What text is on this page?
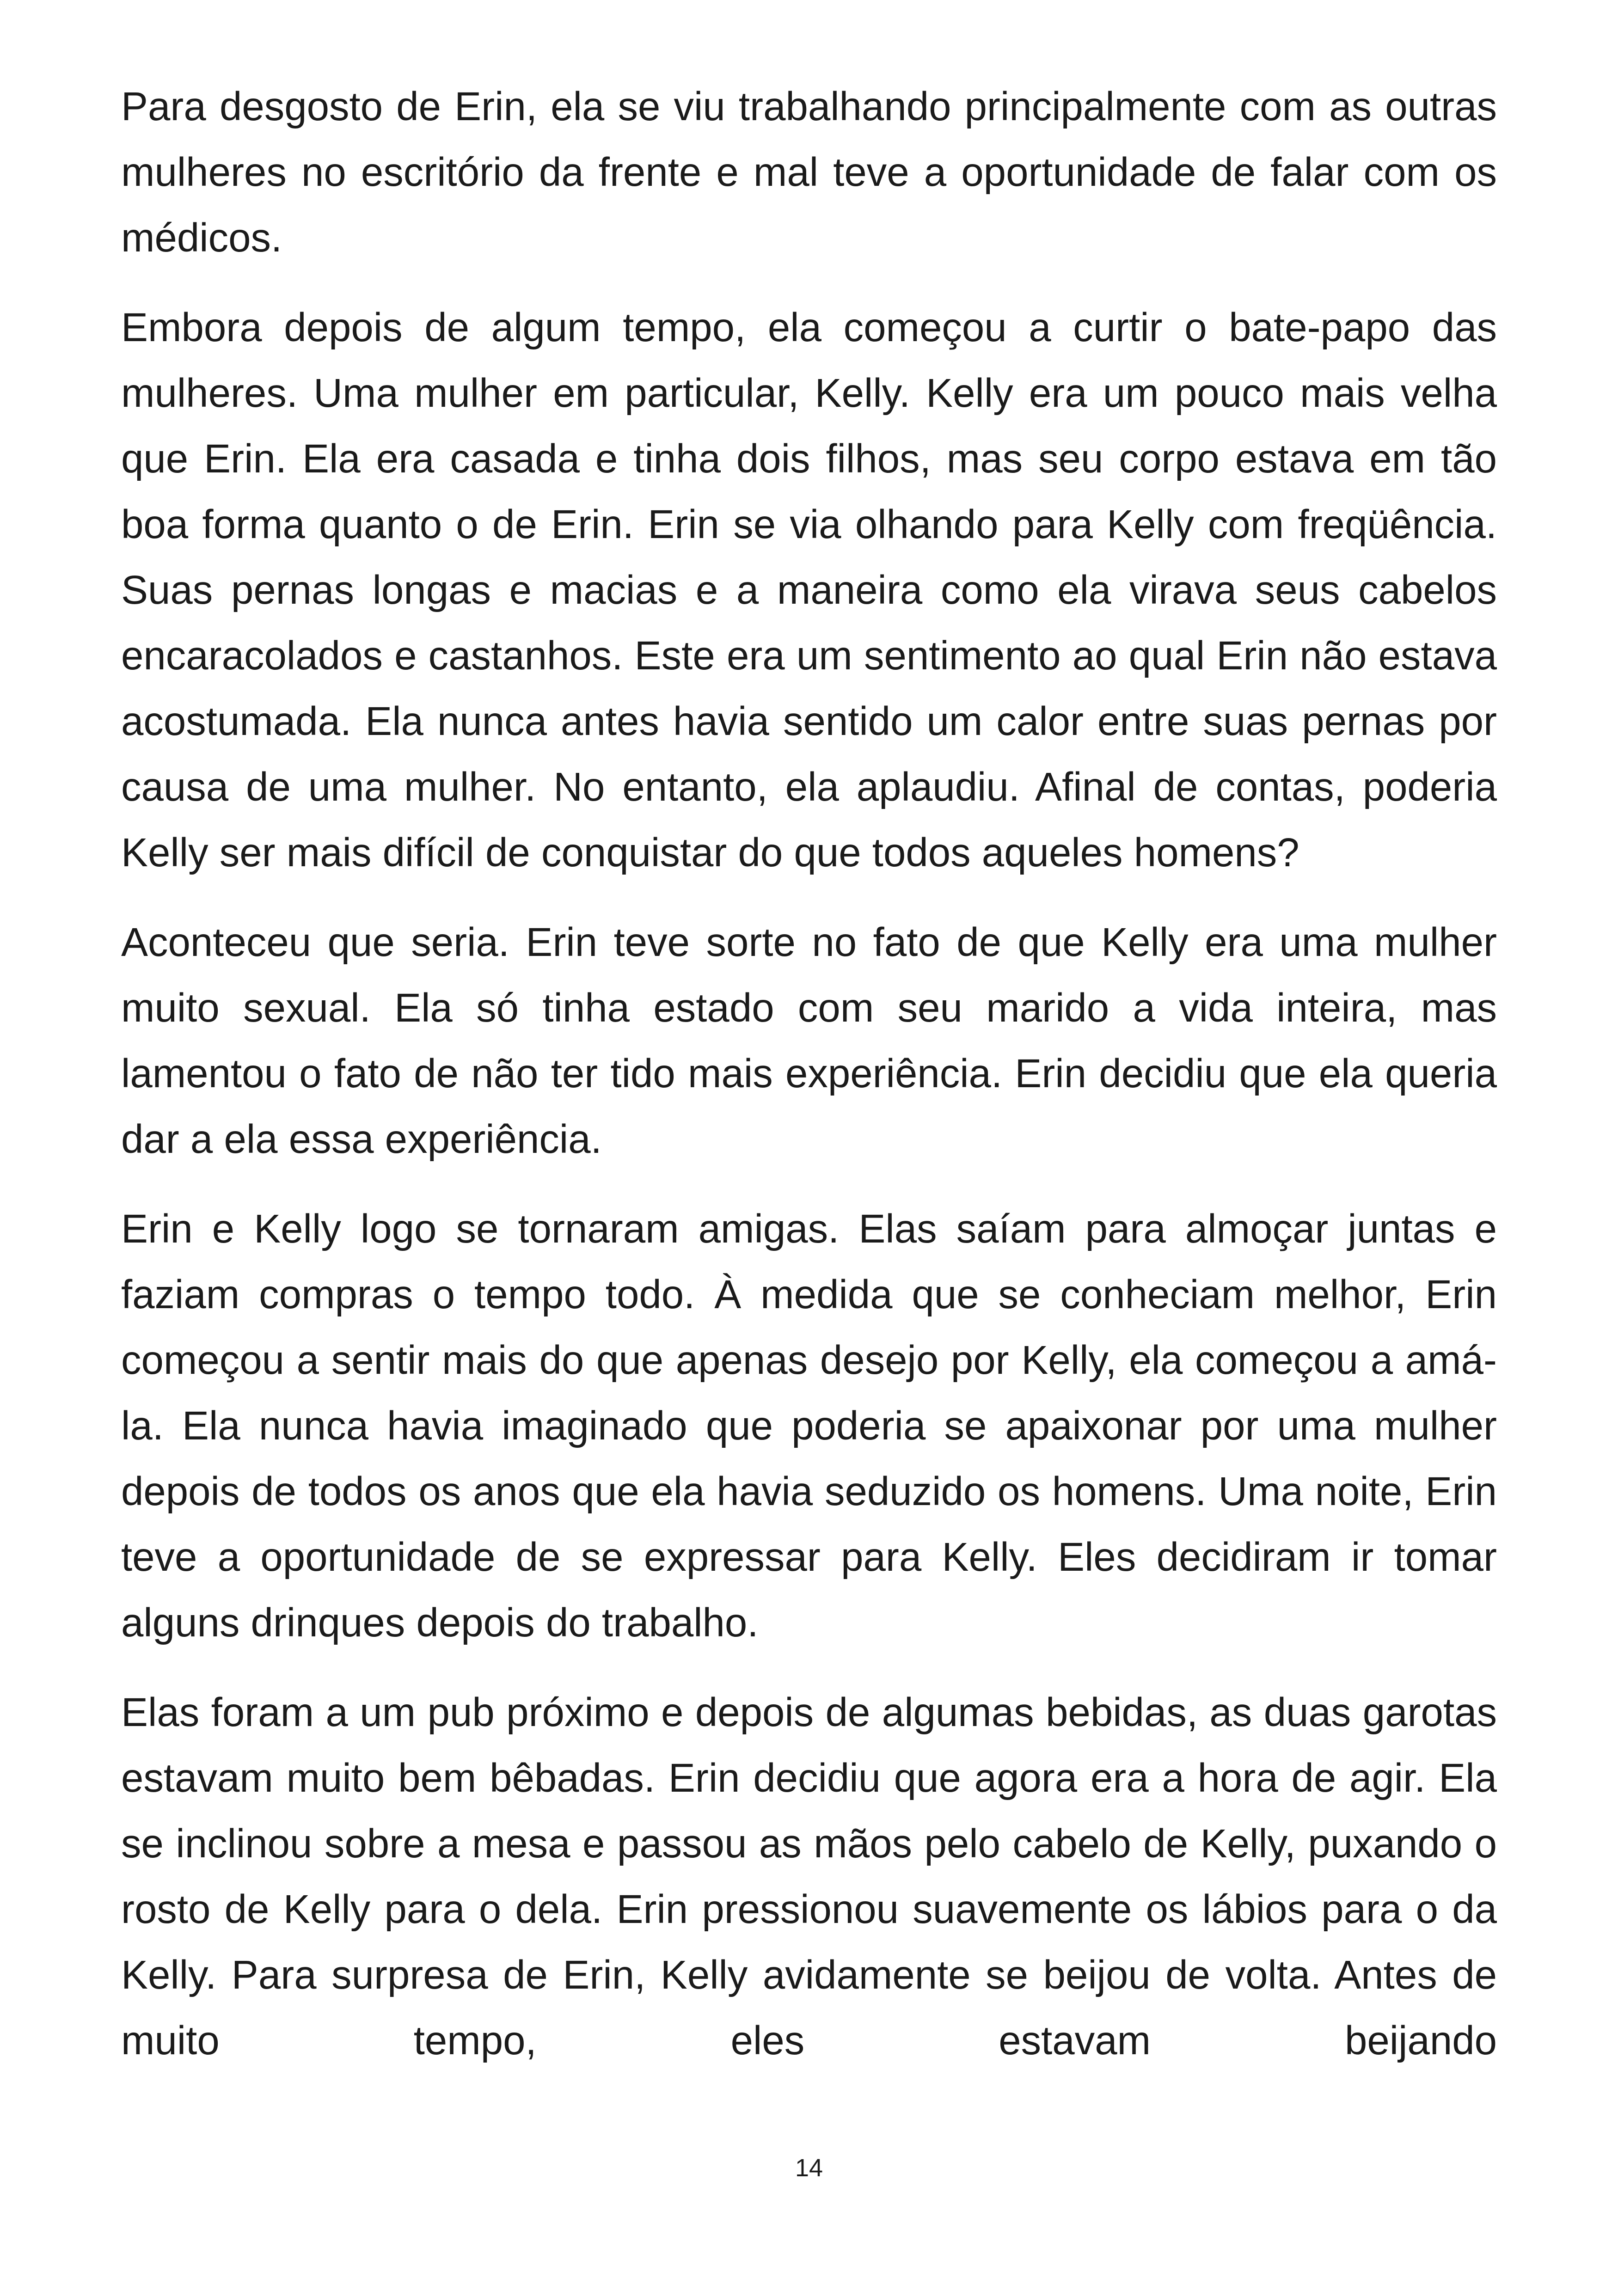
Para desgosto de Erin, ela se viu trabalhando principalmente com as outras mulheres no escritório da frente e mal teve a oportunidade de falar com os médicos.

Embora depois de algum tempo, ela começou a curtir o bate-papo das mulheres. Uma mulher em particular, Kelly. Kelly era um pouco mais velha que Erin. Ela era casada e tinha dois filhos, mas seu corpo estava em tão boa forma quanto o de Erin. Erin se via olhando para Kelly com freqüência. Suas pernas longas e macias e a maneira como ela virava seus cabelos encaracolados e castanhos. Este era um sentimento ao qual Erin não estava acostumada. Ela nunca antes havia sentido um calor entre suas pernas por causa de uma mulher. No entanto, ela aplaudiu. Afinal de contas, poderia Kelly ser mais difícil de conquistar do que todos aqueles homens?

Aconteceu que seria. Erin teve sorte no fato de que Kelly era uma mulher muito sexual. Ela só tinha estado com seu marido a vida inteira, mas lamentou o fato de não ter tido mais experiência. Erin decidiu que ela queria dar a ela essa experiência.

Erin e Kelly logo se tornaram amigas. Elas saíam para almoçar juntas e faziam compras o tempo todo. À medida que se conheciam melhor, Erin começou a sentir mais do que apenas desejo por Kelly, ela começou a amá-la. Ela nunca havia imaginado que poderia se apaixonar por uma mulher depois de todos os anos que ela havia seduzido os homens. Uma noite, Erin teve a oportunidade de se expressar para Kelly. Eles decidiram ir tomar alguns drinques depois do trabalho.

Elas foram a um pub próximo e depois de algumas bebidas, as duas garotas estavam muito bem bêbadas. Erin decidiu que agora era a hora de agir. Ela se inclinou sobre a mesa e passou as mãos pelo cabelo de Kelly, puxando o rosto de Kelly para o dela. Erin pressionou suavemente os lábios para o da Kelly. Para surpresa de Erin, Kelly avidamente se beijou de volta. Antes de muito tempo, eles estavam beijando

14
